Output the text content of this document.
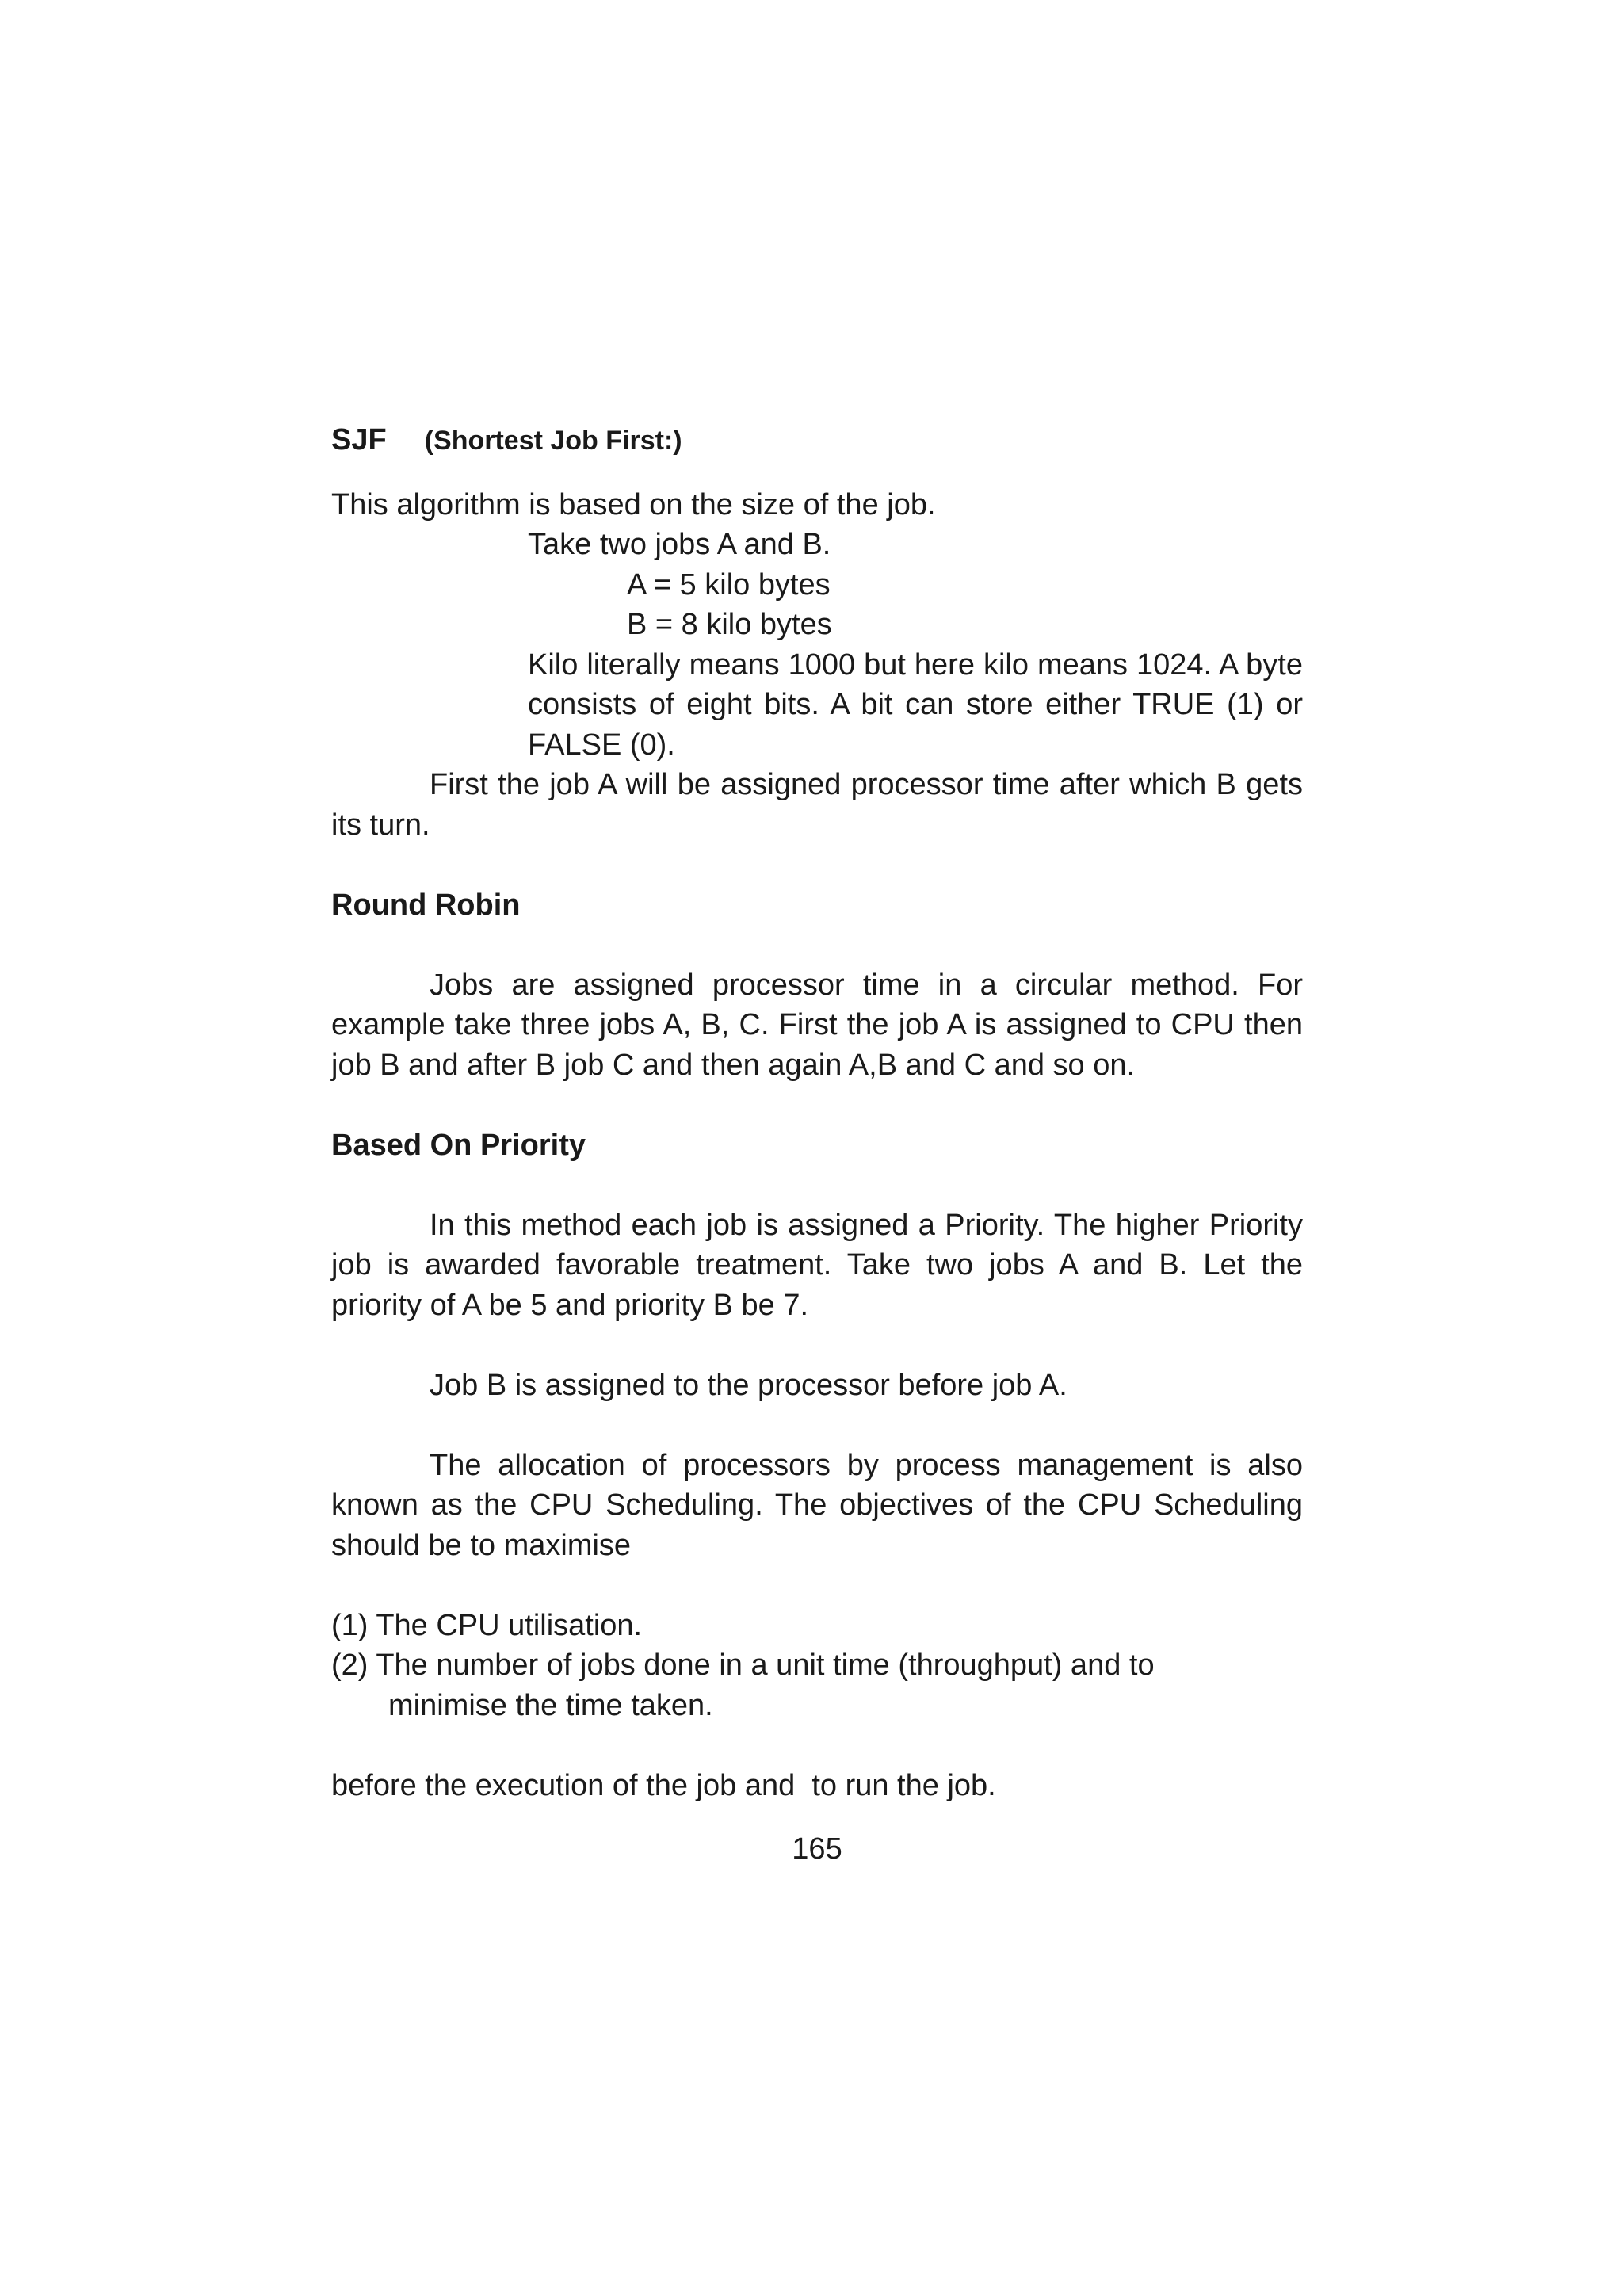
SJF (Shortest Job First:)

This algorithm is based on the size of the job.

Take two jobs A and B.

A = 5 kilo bytes

B = 8 kilo bytes

Kilo literally means 1000 but here kilo means 1024. A byte consists of eight bits. A bit can store either TRUE (1) or FALSE (0).

First the job A will be assigned processor time after which B gets its turn.

Round Robin

Jobs are assigned processor time in a circular method. For example take three jobs A, B, C. First the job A is assigned to CPU then job B and after B job C and then again A,B and C and so on.

Based On Priority

In this method each job is assigned a Priority. The higher Priority job is awarded favorable treatment. Take two jobs A and B. Let the priority of A be 5 and priority B be 7.

Job B is assigned to the processor before job A.

The allocation of processors by process management is also known as the CPU Scheduling. The objectives of the CPU Scheduling should be to maximise

(1) The CPU utilisation.

(2) The number of jobs done in a unit time (throughput) and to minimise the time taken.

before the execution of the job and  to run the job.

165
